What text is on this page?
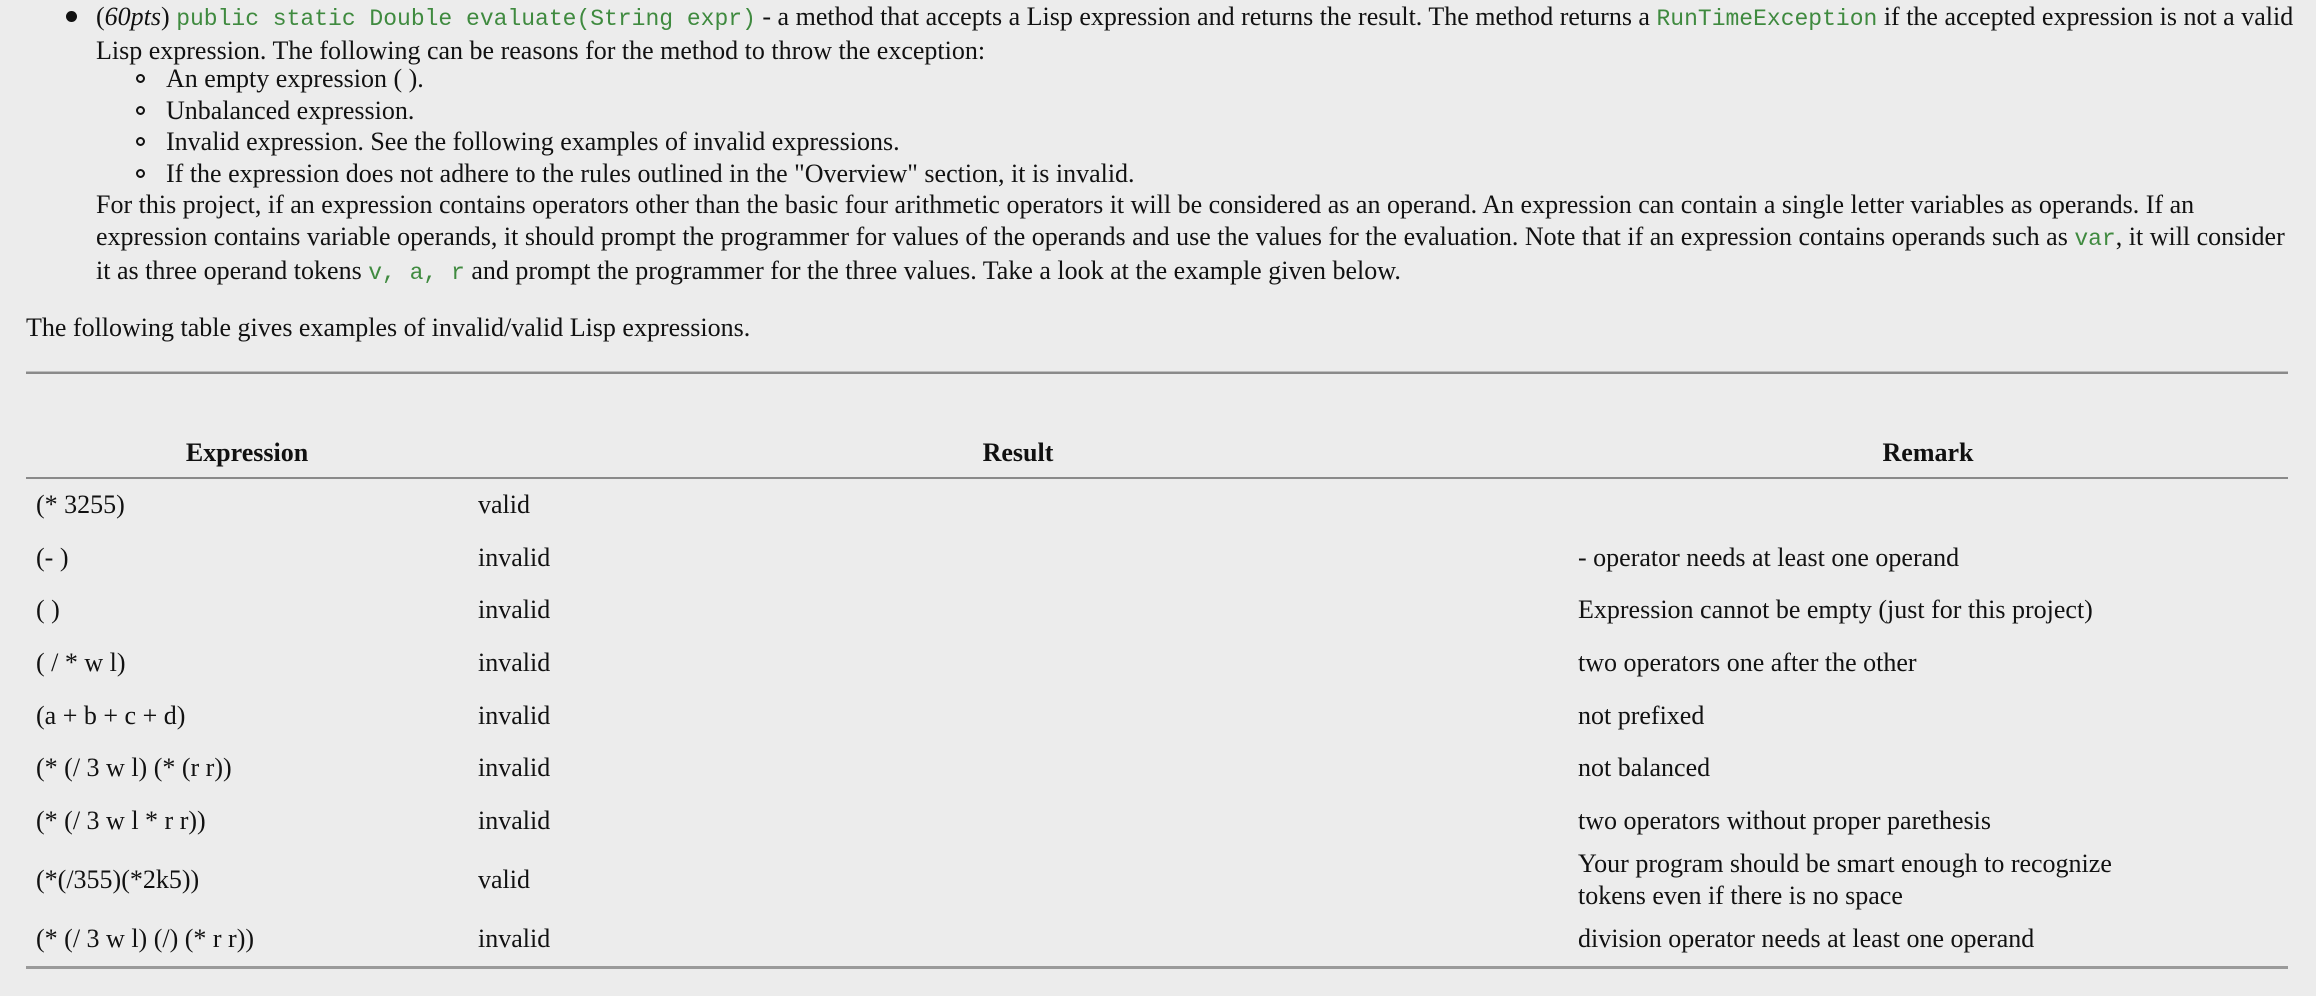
(60pts) public static Double evaluate(String expr) - a method that accepts a Lisp expression and returns the result. The method returns a RunTimeException if the accepted expression is not a valid Lisp expression. The following can be reasons for the method to throw the exception:
An empty expression ( ).
Unbalanced expression.
Invalid expression. See the following examples of invalid expressions.
If the expression does not adhere to the rules outlined in the "Overview" section, it is invalid.
For this project, if an expression contains operators other than the basic four arithmetic operators it will be considered as an operand. An expression can contain a single letter variables as operands. If an expression contains variable operands, it should prompt the programmer for values of the operands and use the values for the evaluation. Note that if an expression contains operands such as var, it will consider it as three operand tokens v, a, r and prompt the programmer for the three values. Take a look at the example given below.
The following table gives examples of invalid/valid Lisp expressions.
Expression	Result	Remark
(* 3255)	valid	
(- )	invalid	- operator needs at least one operand
( )	invalid	Expression cannot be empty (just for this project)
( / * w l)	invalid	two operators one after the other
(a + b + c + d)	invalid	not prefixed
(* (/ 3 w l) (* (r r))	invalid	not balanced
(* (/ 3 w l * r r))	invalid	two operators without proper parethesis
(*(/355)(*2k5))	valid	Your program should be smart enough to recognize
tokens even if there is no space

(* (/ 3 w l) (/) (* r r))	invalid	division operator needs at least one operand
